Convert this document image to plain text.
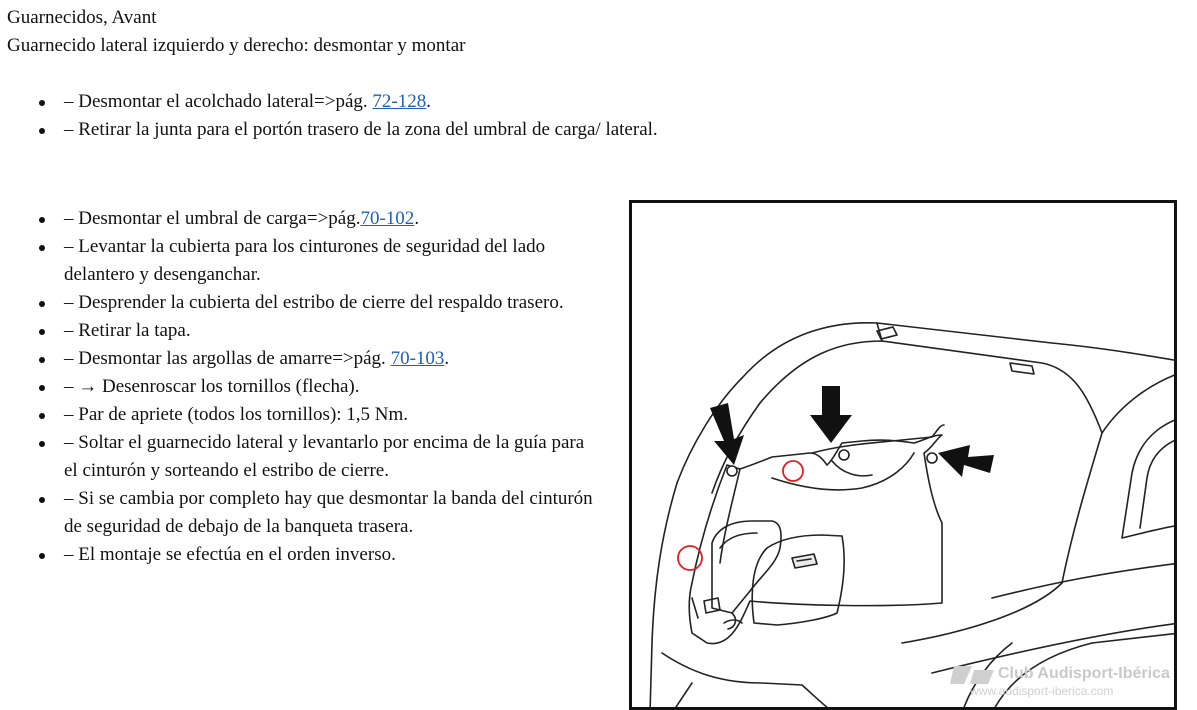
Guarnecidos, Avant
Guarnecido lateral izquierdo y derecho: desmontar y montar
– Desmontar el acolchado lateral=>pág. 72-128.
– Retirar la junta para el portón trasero de la zona del umbral de carga/ lateral.
– Desmontar el umbral de carga=>pág.70-102.
– Levantar la cubierta para los cinturones de seguridad del lado delantero y desenganchar.
– Desprender la cubierta del estribo de cierre del respaldo trasero.
– Retirar la tapa.
– Desmontar las argollas de amarre=>pág. 70-103.
– → Desenroscar los tornillos (flecha).
– Par de apriete (todos los tornillos): 1,5 Nm.
– Soltar el guarnecido lateral y levantarlo por encima de la guía para el cinturón y sorteando el estribo de cierre.
– Si se cambia por completo hay que desmontar la banda del cinturón de seguridad de debajo de la banqueta trasera.
– El montaje se efectúa en el orden inverso.
Club Audisport-Ibérica
www.audisport-iberica.com
